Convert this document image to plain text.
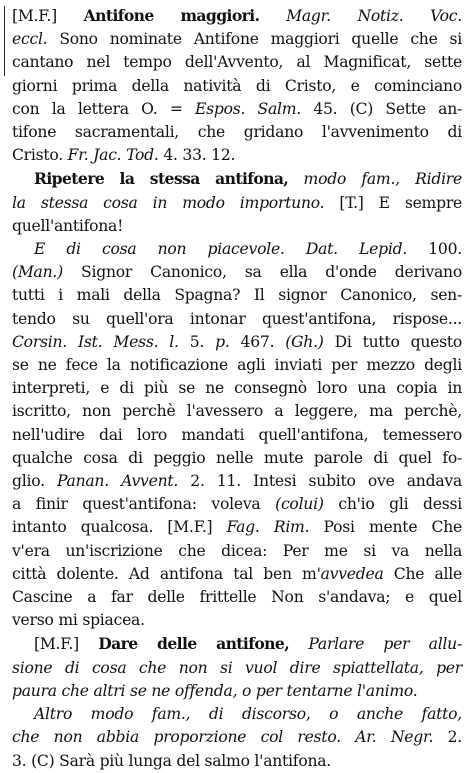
[M.F.] Antifone maggiori. Magr. Notiz. Voc.
eccl. Sono nominate Antifone maggiori quelle che si
cantano nel tempo dell'Avvento, al Magnificat, sette
giorni prima della natività di Cristo, e cominciano
con la lettera O. = Espos. Salm. 45. (C) Sette an-
tifone sacramentali, che gridano l'avvenimento di
Cristo. Fr. Jac. Tod. 4. 33. 12.
Ripetere la stessa antifona, modo fam., Ridire
la stessa cosa in modo importuno. [T.] E sempre
quell'antifona!
E di cosa non piacevole. Dat. Lepid. 100.
(Man.) Signor Canonico, sa ella d'onde derivano
tutti i mali della Spagna? Il signor Canonico, sen-
tendo su quell'ora intonar quest'antifona, rispose...
Corsin. Ist. Mess. l. 5. p. 467. (Gh.) Di tutto questo
se ne fece la notificazione agli inviati per mezzo degli
interpreti, e di più se ne consegnò loro una copia in
iscritto, non perchè l'avessero a leggere, ma perchè,
nell'udire dai loro mandati quell'antifona, temessero
qualche cosa di peggio nelle mute parole di quel fo-
glio. Panan. Avvent. 2. 11. Intesi subito ove andava
a finir quest'antifona: voleva (colui) ch'io gli dessi
intanto qualcosa. [M.F.] Fag. Rim. Posi mente Che
v'era un'iscrizione che dicea: Per me si va nella
città dolente. Ad antifona tal ben m'avvedea Che alle
Cascine a far delle frittelle Non s'andava; e quel
verso mi spiacea.
[M.F.] Dare delle antifone, Parlare per allu-
sione di cosa che non si vuol dire spiattellata, per
paura che altri se ne offenda, o per tentarne l'animo.
Altro modo fam., di discorso, o anche fatto,
che non abbia proporzione col resto. Ar. Negr. 2.
3. (C) Sarà più lunga del salmo l'antifona.
